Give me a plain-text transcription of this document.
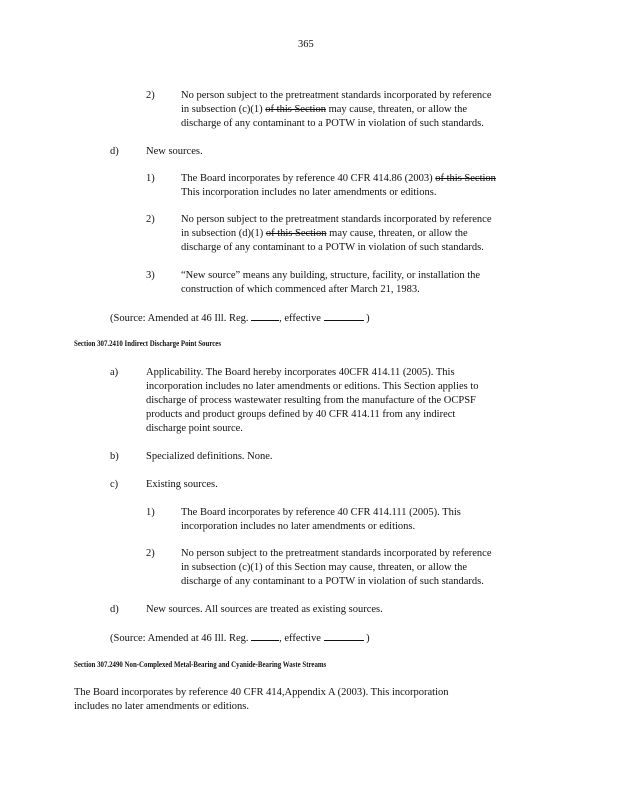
365
2)	No person subject to the pretreatment standards incorporated by reference
in subsection (c)(1) of this Section may cause, threaten, or allow the
discharge of any contaminant to a POTW in violation of such standards.
d)	New sources.
1)	The Board incorporates by reference 40 CFR 414.86 (2003) of this Section
This incorporation includes no later amendments or editions.
2)	No person subject to the pretreatment standards incorporated by reference
in subsection (d)(1) of this Section may cause, threaten, or allow the
discharge of any contaminant to a POTW in violation of such standards.
3)	“New source” means any building, structure, facility, or installation the
construction of which commenced after March 21, 1983.
(Source: Amended at 46 Ill. Reg.	, effective	)
Section 307.2410 Indirect Discharge Point Sources
a)	Applicability. The Board hereby incorporates 40CFR 414.11 (2005). This
incorporation includes no later amendments or editions. This Section applies to
discharge of process wastewater resulting from the manufacture of the OCPSF
products and product groups defined by 40 CFR 414.11 from any indirect
discharge point source.
b)	Specialized definitions. None.
c)	Existing sources.
1)	The Board incorporates by reference 40 CFR 414.111 (2005). This
incorporation includes no later amendments or editions.
2)	No person subject to the pretreatment standards incorporated by reference
in subsection (c)(1) of this Section may cause, threaten, or allow the
discharge of any contaminant to a POTW in violation of such standards.
d)	New sources. All sources are treated as existing sources.
(Source: Amended at 46 Ill. Reg.	, effective	)
Section 307.2490 Non-Complexed Metal-Bearing and Cyanide-Bearing Waste Streams
The Board incorporates by reference 40 CFR 414,Appendix A (2003). This incorporation
includes no later amendments or editions.
